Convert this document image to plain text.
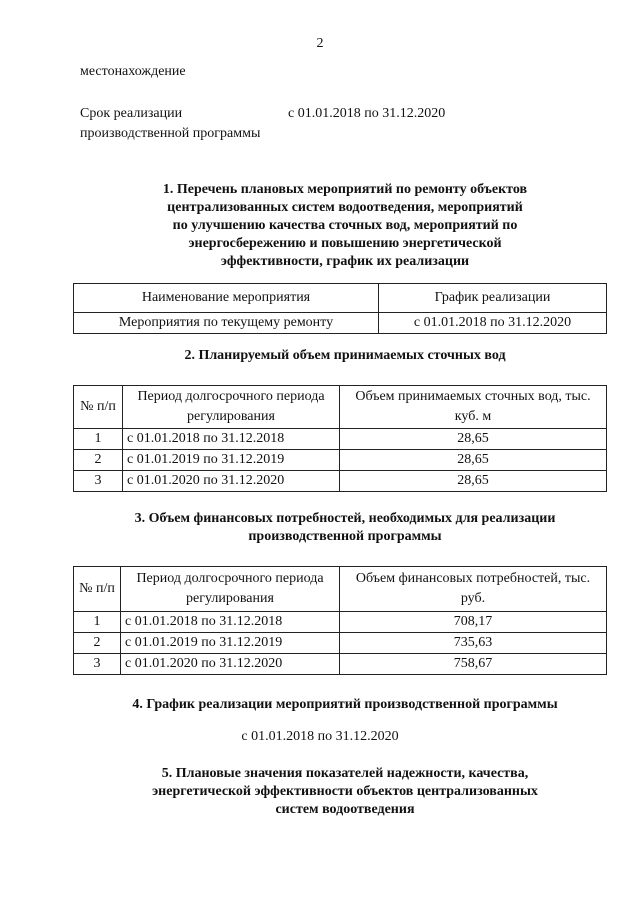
2
местонахождение
Срок реализации
производственной программы
с 01.01.2018 по 31.12.2020
1. Перечень плановых мероприятий по ремонту объектов
централизованных систем водоотведения, мероприятий
по улучшению качества сточных вод, мероприятий по
энергосбережению и повышению энергетической
эффективности, график их реализации
Наименование мероприятия	График реализации
Мероприятия по текущему ремонту	с 01.01.2018 по 31.12.2020
2. Планируемый объем принимаемых сточных вод
№ п/п	Период долгосрочного периода регулирования	Объем принимаемых сточных вод, тыс. куб. м
1	с 01.01.2018 по 31.12.2018	28,65
2	с 01.01.2019 по 31.12.2019	28,65
3	с 01.01.2020 по 31.12.2020	28,65
3. Объем финансовых потребностей, необходимых для реализации
производственной программы
№ п/п	Период долгосрочного периода регулирования	Объем финансовых потребностей, тыс. руб.
1	с 01.01.2018 по 31.12.2018	708,17
2	с 01.01.2019 по 31.12.2019	735,63
3	с 01.01.2020 по 31.12.2020	758,67
4. График реализации мероприятий производственной программы
с 01.01.2018 по 31.12.2020
5. Плановые значения показателей надежности, качества,
энергетической эффективности объектов централизованных
систем водоотведения
